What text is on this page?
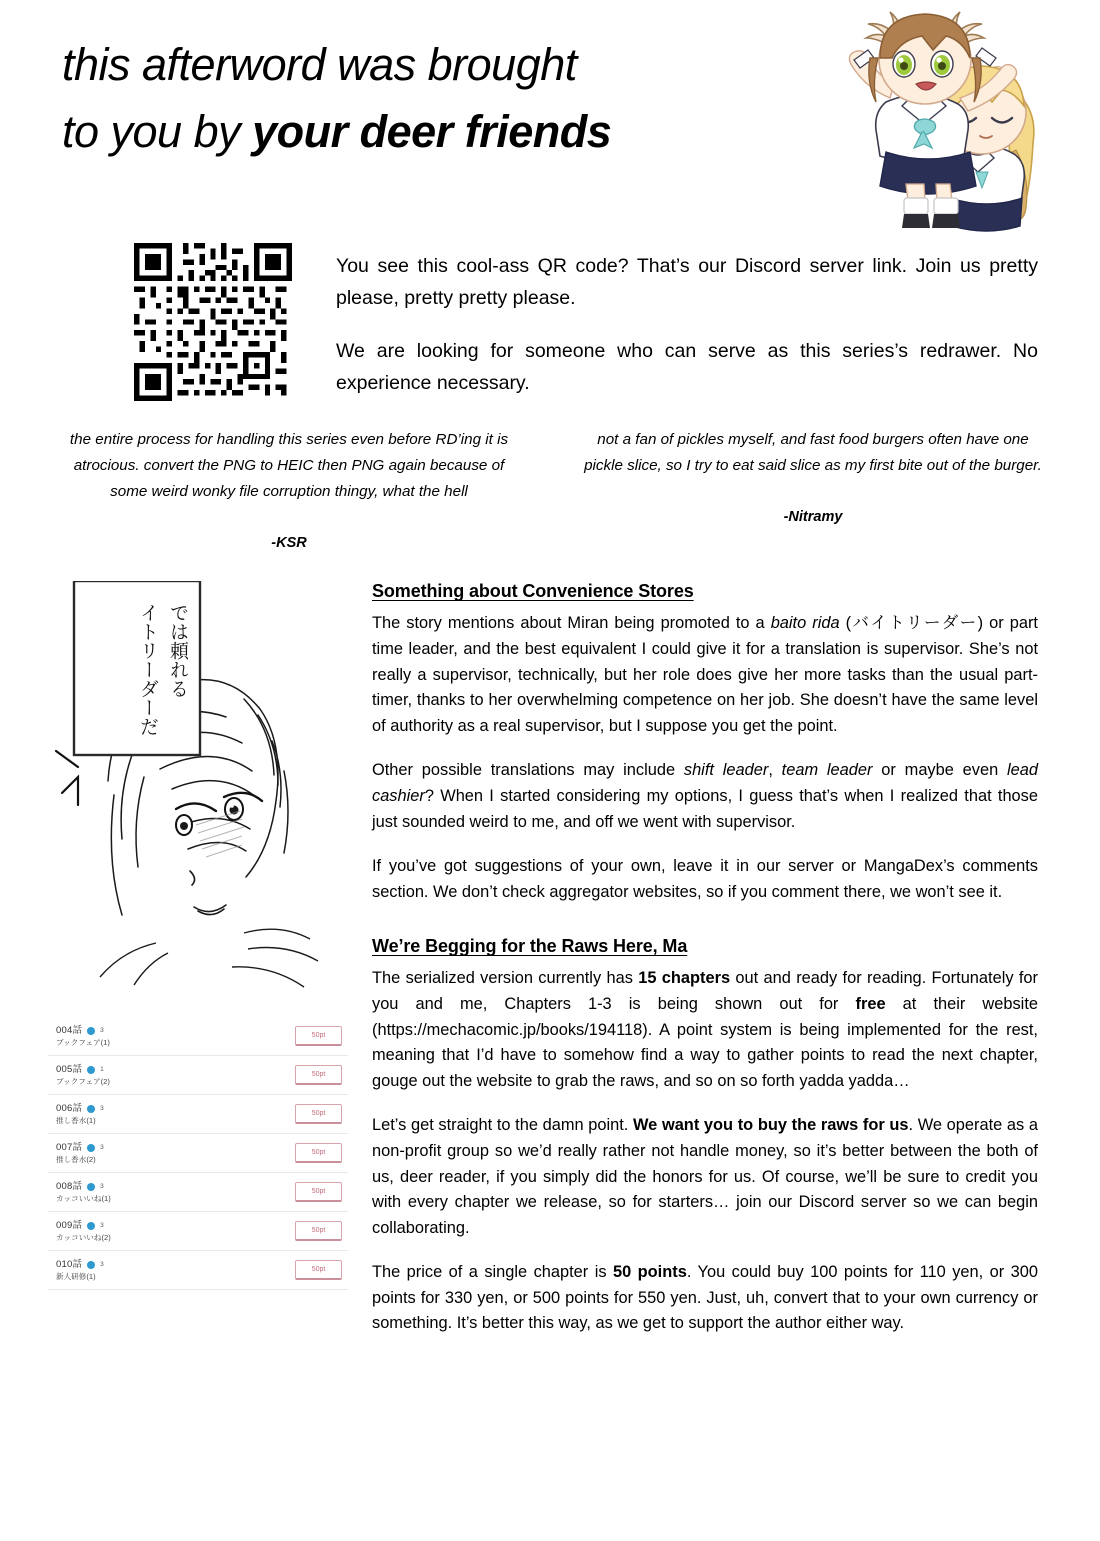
this afterword was brought
to you by your deer friends

You see this cool-ass QR code? That’s our Discord server link. Join us pretty please, pretty pretty please.

We are looking for someone who can serve as this series’s redrawer. No experience necessary.

the entire process for handling this series even before RD’ing it is atrocious. convert the PNG to HEIC then PNG again because of some weird wonky file corruption thingy, what the hell

-KSR

not a fan of pickles myself, and fast food burgers often have one pickle slice, so I try to eat said slice as my first bite out of the burger.

-Nitramy
では頼れる
イトリーダーだ
004話	3
ブックフェア(1)
50pt
005話	1
ブックフェア(2)
50pt
006話	3
推し香水(1)
50pt
007話	3
推し香水(2)
50pt
008話	3
カッコいいね(1)
50pt
009話	3
カッコいいね(2)
50pt
010話	3
新人研修(1)
50pt
Something about Convenience Stores

The story mentions about Miran being promoted to a baito rida (バイトリーダー) or part time leader, and the best equivalent I could give it for a translation is supervisor. She’s not really a supervisor, technically, but her role does give her more tasks than the usual part-timer, thanks to her overwhelming competence on her job. She doesn’t have the same level of authority as a real supervisor, but I suppose you get the point.

Other possible translations may include shift leader, team leader or maybe even lead cashier? When I started considering my options, I guess that’s when I realized that those just sounded weird to me, and off we went with supervisor.

If you’ve got suggestions of your own, leave it in our server or MangaDex’s comments section. We don’t check aggregator websites, so if you comment there, we won’t see it.

We’re Begging for the Raws Here, Ma

The serialized version currently has 15 chapters out and ready for reading. Fortunately for you and me, Chapters 1-3 is being shown out for free at their website (https://mechacomic.jp/books/194118). A point system is being implemented for the rest, meaning that I’d have to somehow find a way to gather points to read the next chapter, gouge out the website to grab the raws, and so on so forth yadda yadda…

Let’s get straight to the damn point. We want you to buy the raws for us. We operate as a non-profit group so we’d really rather not handle money, so it’s better between the both of us, deer reader, if you simply did the honors for us. Of course, we’ll be sure to credit you with every chapter we release, so for starters… join our Discord server so we can begin collaborating.

The price of a single chapter is 50 points. You could buy 100 points for 110 yen, or 300 points for 330 yen, or 500 points for 550 yen. Just, uh, convert that to your own currency or something. It’s better this way, as we get to support the author either way.
